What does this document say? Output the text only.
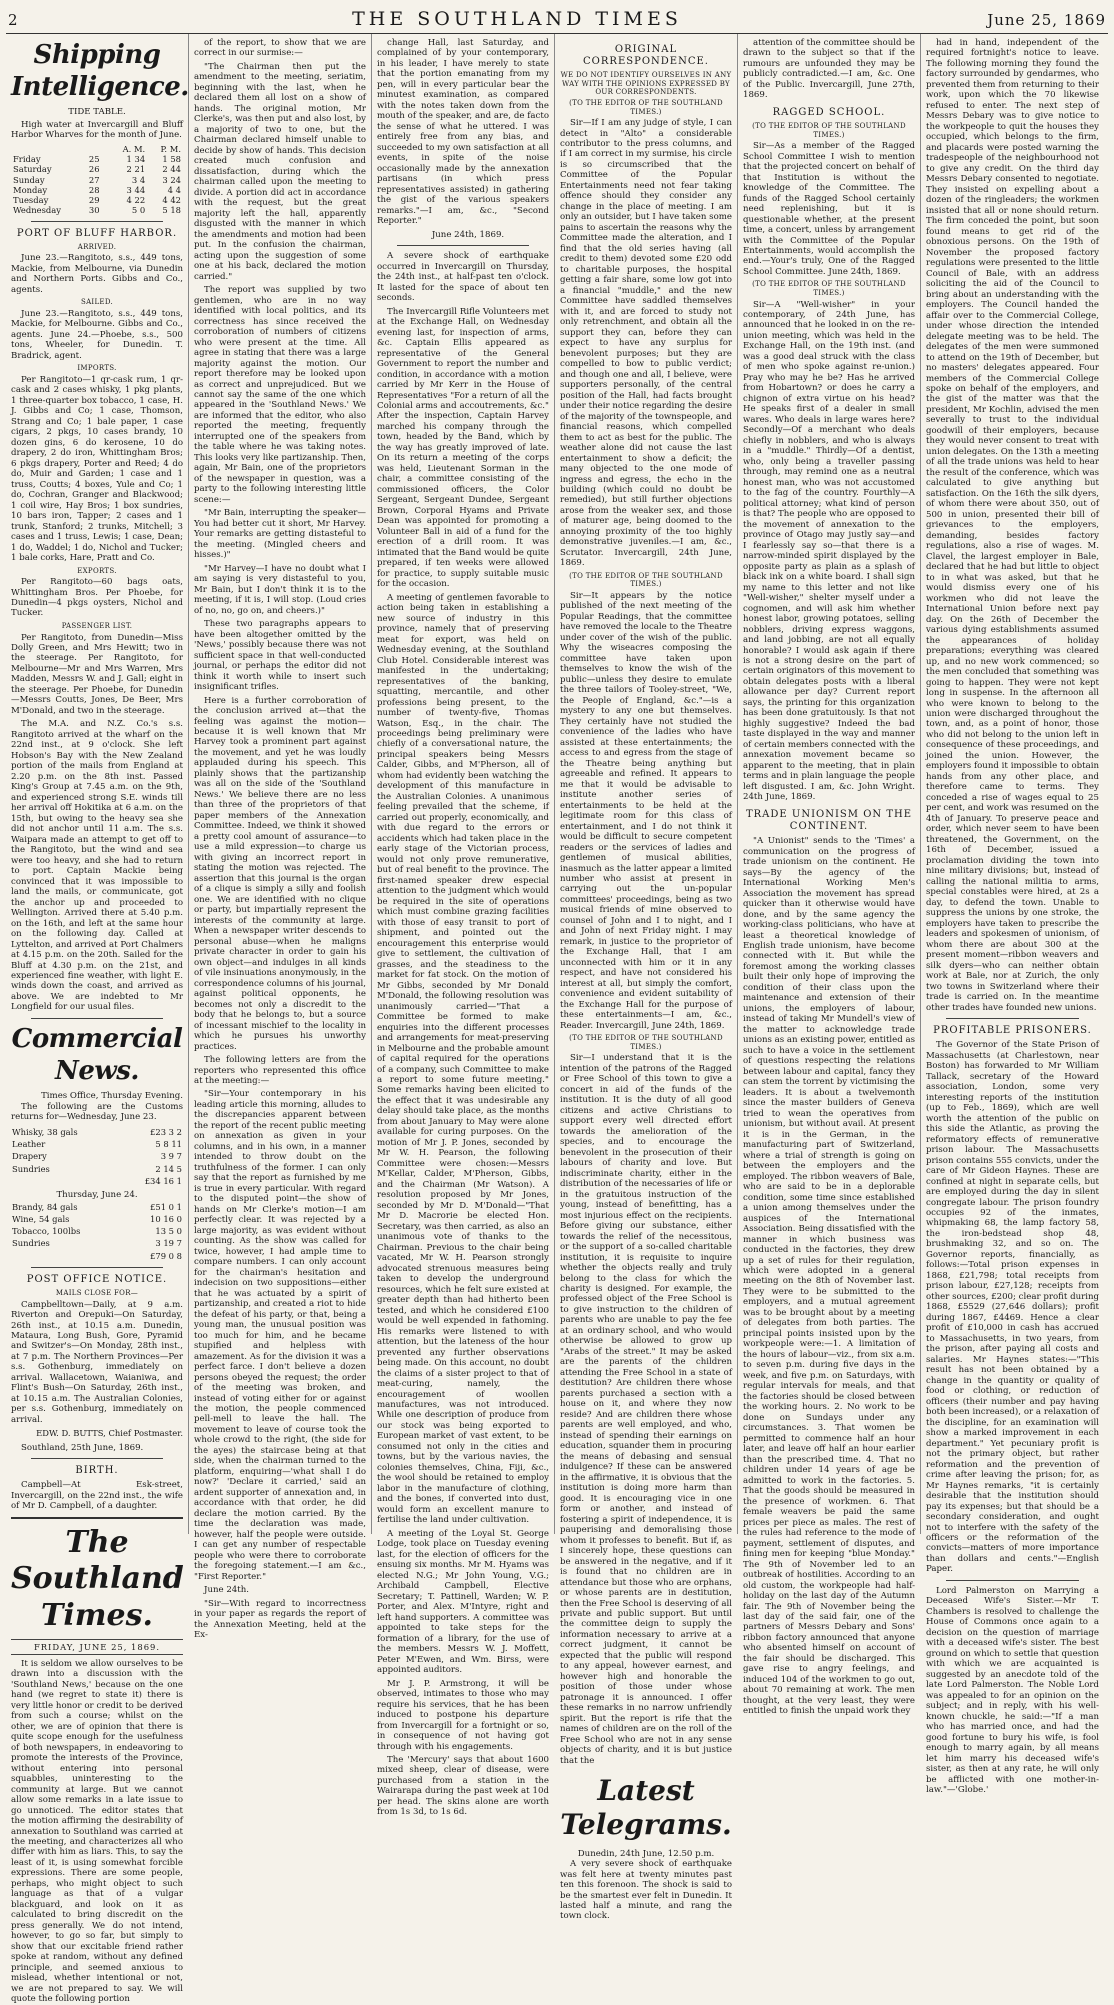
2	THE SOUTHLAND TIMES	June 25, 1869
Shipping Intelligence.
TIDE TABLE.

High water at Invercargill and Bluff Harbor Wharves for the month of June.

		A. M.	P. M.
Friday	25	1 34	1 58
Saturday	26	2 21	2 44
Sunday	27	3 4	3 24
Monday	28	3 44	4 4
Tuesday	29	4 22	4 42
Wednesday	30	5 0	5 18
PORT OF BLUFF HARBOR.
ARRIVED.

June 23.—Rangitoto, s.s., 449 tons, Mackie, from Melbourne, via Dunedin and Northern Ports. Gibbs and Co., agents.

SAILED.

June 23.—Rangitoto, s.s., 449 tons, Mackie, for Melbourne. Gibbs and Co., agents. June 24.—Phoebe, s.s., 500 tons, Wheeler, for Dunedin. T. Bradrick, agent.

IMPORTS.

Per Rangitoto—1 qr-cask rum, 1 qr-cask and 2 cases whisky, 1 pkg plants, 1 three-quarter box tobacco, 1 case, H. J. Gibbs and Co; 1 case, Thomson, Strang and Co; 1 bale paper, 1 case cigars, 2 pkgs, 10 cases brandy, 10 dozen gins, 6 do kerosene, 10 do drapery, 2 do iron, Whittingham Bros; 6 pkgs drapery, Porter and Reed; 4 do do, Muir and Garden; 1 case and 1 truss, Coutts; 4 boxes, Yule and Co; 1 do, Cochran, Granger and Blackwood; 1 coil wire, Hay Bros; 1 box sundries, 10 bars iron, Tapper; 2 cases and 1 trunk, Stanford; 2 trunks, Mitchell; 3 cases and 1 truss, Lewis; 1 case, Dean; 1 do, Waddel; 1 do, Nichol and Tucker; 1 bale corks, Hare, Pratt and Co.

EXPORTS.

Per Rangitoto—60 bags oats, Whittingham Bros. Per Phoebe, for Dunedin—4 pkgs oysters, Nichol and Tucker.

PASSENGER LIST.

Per Rangitoto, from Dunedin—Miss Dolly Green, and Mrs Hewitt; two in the steerage. Per Rangitoto, for Melbourne—Mr and Mrs Warren, Mrs Madden, Messrs W. and J. Gall; eight in the steerage. Per Phoebe, for Dunedin—Messrs Coutts, Jones, De Beer, Mrs M'Donald, and two in the steerage.

The M.A. and N.Z. Co.'s s.s. Rangitoto arrived at the wharf on the 22nd inst., at 9 o'clock. She left Hobson's Bay with the New Zealand portion of the mails from England at 2.20 p.m. on the 8th inst. Passed King's Group at 7.45 a.m. on the 9th, and experienced strong S.E. winds till her arrival off Hokitika at 6 a.m. on the 15th, but owing to the heavy sea she did not anchor until 11 a.m. The s.s. Waipara made an attempt to get off to the Rangitoto, but the wind and sea were too heavy, and she had to return to port. Captain Mackie being convinced that it was impossible to land the mails, or communicate, got the anchor up and proceeded to Wellington. Arrived there at 5.40 p.m. on the 16th, and left at the same hour on the following day. Called at Lyttelton, and arrived at Port Chalmers at 4.15 p.m. on the 20th. Sailed for the Bluff at 4.30 p.m. on the 21st, and experienced fine weather, with light E. winds down the coast, and arrived as above. We are indebted to Mr Longfield for our usual files.

Commercial News.
Times Office, Thursday Evening.

The following are the Customs returns for—Wednesday, June 23.

Whisky, 38 gals	£23 3 2
Leather	5 8 11
Drapery	3 9 7
Sundries	2 14 5
	£34 16 1
Thursday, June 24.
Brandy, 84 gals	£51 0 1
Wine, 54 gals	10 16 0
Tobacco, 100lbs	13 5 0
Sundries	3 19 7
	£79 0 8
POST OFFICE NOTICE.
MAILS CLOSE FOR—

Campbelltown—Daily, at 9 a.m. Riverton and Orepuki—On Saturday, 26th inst., at 10.15 a.m. Dunedin, Mataura, Long Bush, Gore, Pyramid and Switzer's—On Monday, 28th inst., at 7 p.m. The Northern Provinces—Per s.s. Gothenburg, immediately on arrival. Wallacetown, Waianiwa, and Flint's Bush—On Saturday, 26th inst., at 10.15 a.m. The Australian Colonies, per s.s. Gothenburg, immediately on arrival.

EDW. D. BUTTS, Chief Postmaster.

Southland, 25th June, 1869.

BIRTH.

Campbell—At Esk-street, Invercargill, on the 22nd inst., the wife of Mr D. Campbell, of a daughter.

The Southland Times.
FRIDAY, JUNE 25, 1869.

It is seldom we allow ourselves to be drawn into a discussion with the 'Southland News,' because on the one hand (we regret to state it) there is very little honor or credit to be derived from such a course; whilst on the other, we are of opinion that there is quite scope enough for the usefulness of both newspapers, in endeavoring to promote the interests of the Province, without entering into personal squabbles, uninteresting to the community at large. But we cannot allow some remarks in a late issue to go unnoticed. The editor states that the motion affirming the desirability of annexation to Southland was carried at the meeting, and characterizes all who differ with him as liars. This, to say the least of it, is using somewhat forcible expressions. There are some people, perhaps, who might object to such language as that of a vulgar blackguard, and look on it as calculated to bring discredit on the press generally. We do not intend, however, to go so far, but simply to show that our excitable friend rather spoke at random, without any defined principle, and seemed anxious to mislead, whether intentional or not, we are not prepared to say. We will quote the following portion

of the report, to show that we are correct in our surmise:—

"The Chairman then put the amendment to the meeting, seriatim, beginning with the last, when he declared them all lost on a show of hands. The original motion, Mr Clerke's, was then put and also lost, by a majority of two to one, but the Chairman declared himself unable to decide by show of hands. This decision created much confusion and dissatisfaction, during which the chairman called upon the meeting to divide. A portion did act in accordance with the request, but the great majority left the hall, apparently disgusted with the manner in which the amendments and motion had been put. In the confusion the chairman, acting upon the suggestion of some one at his back, declared the motion carried."

The report was supplied by two gentlemen, who are in no way identified with local politics, and its correctness has since received the corroboration of numbers of citizens who were present at the time. All agree in stating that there was a large majority against the motion. Our report therefore may be looked upon as correct and unprejudiced. But we cannot say the same of the one which appeared in the 'Southland News.' We are informed that the editor, who also reported the meeting, frequently interrupted one of the speakers from the table where he was taking notes. This looks very like partizanship. Then, again, Mr Bain, one of the proprietors of the newspaper in question, was a party to the following interesting little scene:—

"Mr Bain, interrupting the speaker—You had better cut it short, Mr Harvey. Your remarks are getting distasteful to the meeting. (Mingled cheers and hisses.)"

"Mr Harvey—I have no doubt what I am saying is very distasteful to you, Mr Bain, but I don't think it is to the meeting, if it is, I will stop. (Loud cries of no, no, go on, and cheers.)"

These two paragraphs appears to have been altogether omitted by the 'News,' possibly because there was not sufficient space in that well-conducted journal, or perhaps the editor did not think it worth while to insert such insignificant trifles.

Here is a further corroboration of the conclusion arrived at—that the feeling was against the motion—because it is well known that Mr Harvey took a prominent part against the movement, and yet he was loudly applauded during his speech. This plainly shows that the partizanship was all on the side of the 'Southland News.' We believe there are no less than three of the proprietors of that paper members of the Annexation Committee. Indeed, we think it showed a pretty cool amount of assurance—to use a mild expression—to charge us with giving an incorrect report in stating the motion was rejected. The assertion that this journal is the organ of a clique is simply a silly and foolish one. We are identified with no clique or party, but impartially represent the interests of the community at large. When a newspaper writer descends to personal abuse—when he maligns private character in order to gain his own object—and indulges in all kinds of vile insinuations anonymously, in the correspondence columns of his journal, against political opponents, he becomes not only a discredit to the body that he belongs to, but a source of incessant mischief to the locality in which he pursues his unworthy practices.

The following letters are from the reporters who represented this office at the meeting:—

"Sir—Your contemporary in his leading article this morning, alludes to the discrepancies apparent between the report of the recent public meeting on annexation as given in your columns, and in his own, in a manner intended to throw doubt on the truthfulness of the former. I can only say that the report as furnished by me is true in every particular. With regard to the disputed point—the show of hands on Mr Clerke's motion—I am perfectly clear. It was rejected by a large majority, as was evident without counting. As the show was called for twice, however, I had ample time to compare numbers. I can only account for the chairman's hesitation and indecision on two suppositions—either that he was actuated by a spirit of partizanship, and created a riot to hide the defeat of his party, or that, being a young man, the unusual position was too much for him, and he became stupified and helpless with amazement. As for the division it was a perfect farce. I don't believe a dozen persons obeyed the request; the order of the meeting was broken, and instead of voting either for or against the motion, the people commenced pell-mell to leave the hall. The movement to leave of course took the whole crowd to the right, (the side for the ayes) the staircase being at that side, when the chairman turned to the platform, enquiring—'what shall I do now?' 'Declare it carried,' said an ardent supporter of annexation and, in accordance with that order, he did declare the motion carried. By the time the declaration was made, however, half the people were outside. I can get any number of respectable people who were there to corroborate the foregoing statement.—I am &c., "First Reporter."

June 24th.

"Sir—With regard to incorrectness in your paper as regards the report of the Annexation Meeting, held at the Ex-

change Hall, last Saturday, and complained of by your contemporary, in his leader, I have merely to state that the portion emanating from my pen, will in every particular bear the minutest examination, as compared with the notes taken down from the mouth of the speaker, and are, de facto the sense of what he uttered. I was entirely free from any bias, and succeeded to my own satisfaction at all events, in spite of the noise occasionally made by the annexation partisans (in which press representatives assisted) in gathering the gist of the various speakers remarks."—I am, &c., "Second Reporter."

June 24th, 1869.

A severe shock of earthquake occurred in Invercargill on Thursday, the 24th inst., at half-past ten o'clock. It lasted for the space of about ten seconds.

The Invercargill Rifle Volunteers met at the Exchange Hall, on Wednesday evening last, for inspection of arms, &c. Captain Ellis appeared as representative of the General Government to report the number and condition, in accordance with a motion carried by Mr Kerr in the House of Representatives "For a return of all the Colonial arms and accoutrements, &c." After the inspection, Captain Harvey marched his company through the town, headed by the Band, which by the way has greatly improved of late. On its return a meeting of the corps was held, Lieutenant Sorman in the chair, a committee consisting of the commissioned officers, the Color Sergeant, Sergeant Dundee, Sergeant Brown, Corporal Hyams and Private Dean was appointed for promoting a Volunteer Ball in aid of a fund for the erection of a drill room. It was intimated that the Band would be quite prepared, if ten weeks were allowed for practice, to supply suitable music for the occasion.

A meeting of gentlemen favorable to action being taken in establishing a new source of industry in this province, namely that of preserving meat for export, was held on Wednesday evening, at the Southland Club Hotel. Considerable interest was manifested in the undertaking; representatives of the banking, squatting, mercantile, and other professions being present, to the number of twenty-five, Thomas Watson, Esq., in the chair. The proceedings being preliminary were chiefly of a conversational nature, the principal speakers being Messrs Calder, Gibbs, and M'Pherson, all of whom had evidently been watching the development of this manufacture in the Australian Colonies. A unanimous feeling prevailed that the scheme, if carried out properly, economically, and with due regard to the errors or accidents which had taken place in the early stage of the Victorian process, would not only prove remunerative, but of real benefit to the province. The first-named speaker drew especial attention to the judgment which would be required in the site of operations which must combine grazing facilities with those of easy transit to port of shipment, and pointed out the encouragement this enterprise would give to settlement, the cultivation of grasses, and the steadiness to the market for fat stock. On the motion of Mr Gibbs, seconded by Mr Donald M'Donald, the following resolution was unanimously carried—"That a Committee be formed to make enquiries into the different processes and arrangements for meat-preserving in Melbourne and the probable amount of capital required for the operations of a company, such Committee to make a report to some future meeting." Some remarks having been elicited to the effect that it was undesirable any delay should take place, as the months from about January to May were alone available for curing purposes. On the motion of Mr J. P. Jones, seconded by Mr W. H. Pearson, the following Committee were chosen:—Messrs M'Kellar, Calder, M'Pherson, Gibbs, and the Chairman (Mr Watson). A resolution proposed by Mr Jones, seconded by Mr D. M'Donald—"That Mr D. Macrorie be elected Hon. Secretary, was then carried, as also an unanimous vote of thanks to the Chairman. Previous to the chair being vacated, Mr W. H. Pearson strongly advocated strenuous measures being taken to develop the underground resources, which he felt sure existed at greater depth than had hitherto been tested, and which he considered £100 would be well expended in fathoming. His remarks were listened to with attention, but the lateness of the hour prevented any further observations being made. On this account, no doubt the claims of a sister project to that of meat-curing, namely, the encouragement of woollen manufactures, was not introduced. While one description of produce from our stock was being exported to European market of vast extent, to be consumed not only in the cities and towns, but by the various navies, the colonies themselves, China, Fiji, &c., the wool should be retained to employ labor in the manufacture of clothing, and the bones, if converted into dust, would form an excellent manure to fertilise the land under cultivation.

A meeting of the Loyal St. George Lodge, took place on Tuesday evening last, for the election of officers for the ensuing six months. Mr M. Hyams was elected N.G.; Mr John Young, V.G.; Archibald Campbell, Elective Secretary; T. Pattinell, Warden; W. P. Porter, and Alex. M'Intyre, right and left hand supporters. A committee was appointed to take steps for the formation of a library, for the use of the members. Messrs W. J. Moffett, Peter M'Ewen, and Wm. Birss, were appointed auditors.

Mr J. P. Armstrong, it will be observed, intimates to those who may require his services, that he has been induced to postpone his departure from Invercargill for a fortnight or so, in consequence of not having got through with his engagements.

The 'Mercury' says that about 1600 mixed sheep, clear of disease, were purchased from a station in the Wairarapa during the past week at 10d per head. The skins alone are worth from 1s 3d, to 1s 6d.

ORIGINAL CORRESPONDENCE.
WE DO NOT IDENTIFY OURSELVES IN ANY WAY WITH THE OPINIONS EXPRESSED BY OUR CORRESPONDENTS.
(TO THE EDITOR OF THE SOUTHLAND TIMES.)

Sir—If I am any judge of style, I can detect in "Alto" a considerable contributor to the press columns, and if I am correct in my surmise, his circle is so circumscribed that the Committee of the Popular Entertainments need not fear taking offence should they consider any change in the place of meeting. I am only an outsider, but I have taken some pains to ascertain the reasons why the Committee made the alteration, and I find that the old series having (all credit to them) devoted some £20 odd to charitable purposes, the hospital getting a fair share, some low got into a financial "muddle," and the new Committee have saddled themselves with it, and are forced to study not only retrenchment, and obtain all the support they can, before they can expect to have any surplus for benevolent purposes; but they are compelled to bow to public verdict; and though one and all, I believe, were supporters personally, of the central position of the Hall, had facts brought under their notice regarding the desire of the majority of the townspeople, and financial reasons, which compelled them to act as best for the public. The weather alone did not cause the last entertainment to show a deficit; the many objected to the one mode of ingress and egress, the echo in the building (which could no doubt be remedied), but still further objections arose from the weaker sex, and those of maturer age, being doomed to the annoying proximity of the too highly demonstrative juveniles.—I am, &c., Scrutator. Invercargill, 24th June, 1869.

(TO THE EDITOR OF THE SOUTHLAND TIMES.)

Sir—It appears by the notice published of the next meeting of the Popular Readings, that the committee have removed the locale to the Theatre under cover of the wish of the public. Why the wiseacres composing the committee have taken upon themselves to know the wish of the public—unless they desire to emulate the three tailors of Tooley-street, "We, the People of England, &c."—is a mystery to any one but themselves. They certainly have not studied the convenience of the ladies who have assisted at these entertainments; the access to and egress from the stage of the Theatre being anything but agreeable and refined. It appears to me that it would be advisable to institute another series of entertainments to be held at the legitimate room for this class of entertainment, and I do not think it would be difficult to secure competent readers or the services of ladies and gentlemen of musical abilities, inasmuch as the latter appear a limited number who assist at present in carrying out the un-popular committees' proceedings, being as two musical friends of mine observed to counsel of John and I to night, and I and John of next Friday night. I may remark, in justice to the proprietor of the Exchange Hall, that I am unconnected with him or it in any respect, and have not considered his interest at all, but simply the comfort, convenience and evident suitability of the Exchange Hall for the purpose of these entertainments—I am, &c., Reader. Invercargill, June 24th, 1869.

(TO THE EDITOR OF THE SOUTHLAND TIMES.)

Sir—I understand that it is the intention of the patrons of the Ragged or Free School of this town to give a concert in aid of the funds of the institution. It is the duty of all good citizens and active Christians to support every well directed effort towards the amelioration of the species, and to encourage the benevolent in the prosecution of their labours of charity and love. But indiscriminate charity, either in the distribution of the necessaries of life or in the gratuitous instruction of the young, instead of benefitting, has a most injurious effect on the recipients. Before giving our substance, either towards the relief of the necessitous, or the support of a so-called charitable institution, it is requisite to inquire whether the objects really and truly belong to the class for which the charity is designed. For example, the professed object of the Free School is to give instruction to the children of parents who are unable to pay the fee at an ordinary school, and who would otherwise be allowed to grow up "Arabs of the street." It may be asked are the parents of the children attending the Free School in a state of destitution? Are children there whose parents purchased a section with a house on it, and where they now reside? And are children there whose parents are well employed, and who, instead of spending their earnings on education, squander them in procuring the means of debasing and sensual indulgence? If these can be answered in the affirmative, it is obvious that the institution is doing more harm than good. It is encouraging vice in one form or another, and instead of fostering a spirit of independence, it is pauperising and demoralising those whom it professes to benefit. But if, as I sincerely hope, these questions can be answered in the negative, and if it is found that no children are in attendance but those who are orphans, or whose parents are in destitution, then the Free School is deserving of all private and public support. But until the committee deign to supply the information necessary to arrive at a correct judgment, it cannot be expected that the public will respond to any appeal, however earnest, and however high and honorable the position of those under whose patronage it is announced. I offer these remarks in no narrow unfriendly spirit. But the report is rife that the names of children are on the roll of the Free School who are not in any sense objects of charity, and it is but justice that the

Latest Telegrams.
Dunedin, 24th June, 12.50 p.m.

A very severe shock of earthquake was felt here at twenty minutes past ten this forenoon. The shock is said to be the smartest ever felt in Dunedin. It lasted half a minute, and rang the town clock.

attention of the committee should be drawn to the subject so that if the rumours are unfounded they may be publicly contradicted.—I am, &c. One of the Public. Invercargill, June 27th, 1869.

RAGGED SCHOOL.
(TO THE EDITOR OF THE SOUTHLAND TIMES.)

Sir—As a member of the Ragged School Committee I wish to mention that the projected concert on behalf of that Institution is without the knowledge of the Committee. The funds of the Ragged School certainly need replenishing, but it is questionable whether, at the present time, a concert, unless by arrangement with the Committee of the Popular Entertainments, would accomplish the end.—Your's truly, One of the Ragged School Committee. June 24th, 1869.

(TO THE EDITOR OF THE SOUTHLAND TIMES.)

Sir—A "Well-wisher" in your contemporary, of 24th June, has announced that he looked in on the re-union meeting, which was held in the Exchange Hall, on the 19th inst. (and was a good deal struck with the class of men who spoke against re-union.) Pray who may he be? Has he arrived from Hobartown? or does he carry a chignon of extra virtue on his head? He speaks first of a dealer in small wares. Who deals in large wares here? Secondly—Of a merchant who deals chiefly in nobblers, and who is always in a "muddle." Thirdly—Of a dentist, who, only being a traveller passing through, may remind one as a neutral honest man, who was not accustomed to the fag of the country. Fourthly—A political attorney; what kind of person is that? The people who are opposed to the movement of annexation to the province of Otago may justly say—and I fearlessly say so—that there is a narrow-minded spirit displayed by the opposite party as plain as a splash of black ink on a white board. I shall sign my name to this letter and not like "Well-wisher," shelter myself under a cognomen, and will ask him whether honest labor, growing potatoes, selling nobblers, driving express waggons, and land jobbing, are not all equally honorable? I would ask again if there is not a strong desire on the part of certain originators of this movement to obtain delegates posts with a liberal allowance per day? Current report says, the printing for this organization has been done gratuitously. Is that not highly suggestive? Indeed the bad taste displayed in the way and manner of certain members connected with the annexation movement became so apparent to the meeting, that in plain terms and in plain language the people left disgusted. I am, &c. John Wright. 24th June, 1869.

TRADE UNIONISM ON THE CONTINENT.

"A Unionist" sends to the 'Times' a communication on the progress of trade unionism on the continent. He says—By the agency of the International Working Men's Association the movement has spread quicker than it otherwise would have done, and by the same agency the working-class politicians, who have at least a theoretical knowledge of English trade unionism, have become connected with it. But while the foremost among the working classes built their only hope of improving the condition of their class upon the maintenance and extension of their unions, the employers of labour, instead of taking Mr Mundell's view of the matter to acknowledge trade unions as an existing power, entitled as such to have a voice in the settlement of questions respecting the relations between labour and capital, fancy they can stem the torrent by victimising the leaders. It is about a twelvemonth since the master builders of Geneva tried to wean the operatives from unionism, but without avail. At present it is in the German, in the manufacturing part of Switzerland, where a trial of strength is going on between the employers and the employed. The ribbon weavers of Bale, who are said to be in a deplorable condition, some time since established a union among themselves under the auspices of the International Association. Being dissatisfied with the manner in which business was conducted in the factories, they drew up a set of rules for their regulation, which were adopted in a general meeting on the 8th of November last. They were to be submitted to the employers, and a mutual agreement was to be brought about by a meeting of delegates from both parties. The principal points insisted upon by the workpeople were:—1. A limitation of the hours of labour—viz., from six a.m. to seven p.m. during five days in the week, and five p.m. on Saturdays, with regular intervals for meals, and that the factories should be closed between the working hours. 2. No work to be done on Sundays under any circumstances. 3. That women be permitted to commence half an hour later, and leave off half an hour earlier than the prescribed time. 4. That no children under 14 years of age be admitted to work in the factories. 5. That the goods should be measured in the presence of workmen. 6. That female weavers be paid the same prices per piece as males. The rest of the rules had reference to the mode of payment, settlement of disputes, and fining men for keeping "blue Monday." The 9th of November led to an outbreak of hostilities. According to an old custom, the workpeople had half-holiday on the last day of the Autumn fair. The 9th of November being the last day of the said fair, one of the partners of Messrs Debary and Sons' ribbon factory announced that anyone who absented himself on account of the fair should be discharged. This gave rise to angry feelings, and induced 104 of the workmen to go out, about 70 remaining at work. The men thought, at the very least, they were entitled to finish the unpaid work they

had in hand, independent of the required fortnight's notice to leave. The following morning they found the factory surrounded by gendarmes, who prevented them from returning to their work, upon which the 70 likewise refused to enter. The next step of Messrs Debary was to give notice to the workpeople to quit the houses they occupied, which belongs to the firm, and placards were posted warning the tradespeople of the neighbourhood not to give any credit. On the third day Messrs Debary consented to negotiate. They insisted on expelling about a dozen of the ringleaders; the workmen insisted that all or none should return. The firm conceded the point, but soon found means to get rid of the obnoxious persons. On the 19th of November the proposed factory regulations were presented to the little Council of Bale, with an address soliciting the aid of the Council to bring about an understanding with the employers. The Council handed the affair over to the Commercial College, under whose direction the intended delegate meeting was to be held. The delegates of the men were summoned to attend on the 19th of December, but no masters' delegates appeared. Four members of the Commercial College spoke on behalf of the employers, and the gist of the matter was that the president, Mr Kochlin, advised the men severally to trust to the individual goodwill of their employers, because they would never consent to treat with union delegates. On the 13th a meeting of all the trade unions was held to hear the result of the conference, which was calculated to give anything but satisfaction. On the 16th the silk dyers, of whom there were about 350, out of 500 in union, presented their bill of grievances to the employers, demanding, besides factory regulations, also a rise of wages. M. Clavel, the largest employer in Bale, declared that he had but little to object to in what was asked, but that he would dismiss every one of his workmen who did not leave the International Union before next pay day. On the 26th of December the various dying establishments assumed the appearances of holiday preparations; everything was cleared up, and no new work commenced; so the men concluded that something was going to happen. They were not kept long in suspense. In the afternoon all who were known to belong to the union were discharged throughout the town, and, as a point of honor, those who did not belong to the union left in consequence of these proceedings, and joined the union. However, the employers found it impossible to obtain hands from any other place, and therefore came to terms. They conceded a rise of wages equal to 25 per cent, and work was resumed on the 4th of January. To preserve peace and order, which never seem to have been threatened, the Government, on the 16th of December, issued a proclamation dividing the town into nine military divisions; but, instead of calling the national militia to arms, special constables were hired, at 2s a day, to defend the town. Unable to suppress the unions by one stroke, the employers have taken to prescribe the leaders and spokesmen of unionism, of whom there are about 300 at the present moment—ribbon weavers and silk dyers—who can neither obtain work at Bale, nor at Zurich, the only two towns in Switzerland where their trade is carried on. In the meantime other trades have founded new unions.

PROFITABLE PRISONERS.

The Governor of the State Prison of Massachusetts (at Charlestown, near Boston) has forwarded to Mr William Tallack, secretary of the Howard association, London, some very interesting reports of the institution (up to Feb., 1869), which are well worth the attention of the public on this side the Atlantic, as proving the reformatory effects of remunerative prison labour. The Massachusetts prison contains 555 convicts, under the care of Mr Gideon Haynes. These are confined at night in separate cells, but are employed during the day in silent congregate labour. The prison foundry occupies 92 of the inmates, whipmaking 68, the lamp factory 58, the iron-bedstead shop 48, brushmaking 32, and so on. The Governor reports, financially, as follows:—Total prison expenses in 1868, £21,798; total receipts from prison labour, £27,128; receipts from other sources, £200; clear profit during 1868, £5529 (27,646 dollars); profit during 1867, £4469. Hence a clear profit of £10,000 in cash has accrued to Massachusetts, in two years, from the prison, after paying all costs and salaries. Mr Haynes states:—"This result has not been obtained by a change in the quantity or quality of food or clothing, or reduction of officers (their number and pay having both been increased), or a relaxation of the discipline, for an examination will show a marked improvement in each department." Yet pecuniary profit is not the primary object, but rather reformation and the prevention of crime after leaving the prison; for, as Mr Haynes remarks, "it is certainly desirable that the institution should pay its expenses; but that should be a secondary consideration, and ought not to interfere with the safety of the officers or the reformation of the convicts—matters of more importance than dollars and cents."—English Paper.

Lord Palmerston on Marrying a Deceased Wife's Sister.—Mr T. Chambers is resolved to challenge the House of Commons once again to a decision on the question of marriage with a deceased wife's sister. The best ground on which to settle that question with which we are acquainted is suggested by an anecdote told of the late Lord Palmerston. The Noble Lord was appealed to for an opinion on the subject; and in reply, with his well-known chuckle, he said:—"If a man who has married once, and had the good fortune to bury his wife, is fool enough to marry again, by all means let him marry his deceased wife's sister, as then at any rate, he will only be afflicted with one mother-in-law."—'Globe.'
